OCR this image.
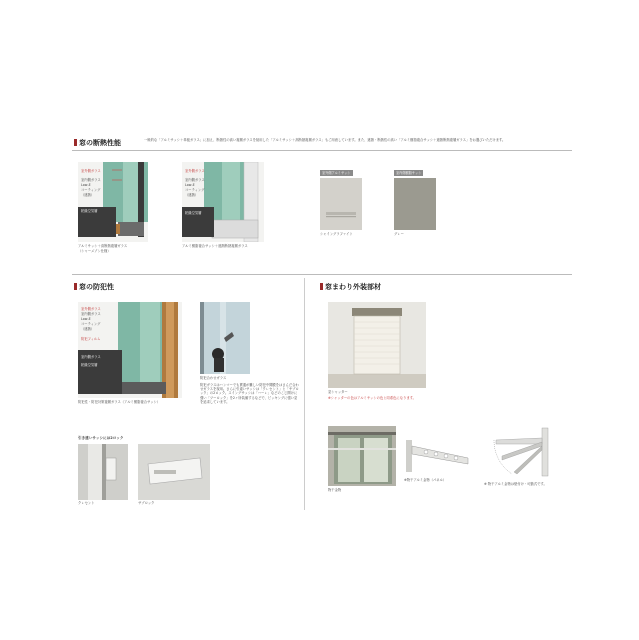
窓の断熱性能	一般的な「アルミサッシ＋単板ガラス」に加え、断熱性の高い複層ガラスを採用した「アルミサッシ＋高断熱複層ガラス」もご用意しています。また、遮熱・断熱性の高い「アルミ樹脂複合サッシ＋遮熱断熱複層ガラス」をお選びいただけます。
乾燥空気層
室外側ガラス
室内側ガラス
Low-E
コーティング
（遮熱）
アルミサッシ＋高断熱複層ガラス
（シャーメゾン仕様）
乾燥空気層
室外側ガラス
室内側ガラス
Low-E
コーティング
（遮熱）
アルミ樹脂複合サッシ＋遮熱断熱複層ガラス
室外側アルミサッシ
シャイングラファイト
室内側樹脂サッシ
グレー
窓の防犯性
室外側ガラス
室内側ガラス
Low-E
コーティング
（遮熱）
防犯フィルム
室内側ガラス
乾燥空気層
防犯性・防犯対策複層ガラス（アルミ樹脂複合サッシ）
防犯合わせガラス
防犯ガラスはハンマーでも貫通が難しい防犯中間膜をはさんだ合わせガラスを採用。さらに引違いサッシは「クレセント」と「サブロック」の2ロック。スイングサッシは「ハーレ」などのこじ開けに強い「ツーロック」を2ヶ所装備するなどで、ピッキングに強い窓を追求しています。
引き違いサッシには2ロック
クレセント	サブロック
窓まわり外装部材
窓シャッター
※シャッターの色はアルミサッシの色と同系色になります。
物干金物
※物干アルミ金物（パネル）
※ 物干アルミ金物は壁付け・可動式です。
